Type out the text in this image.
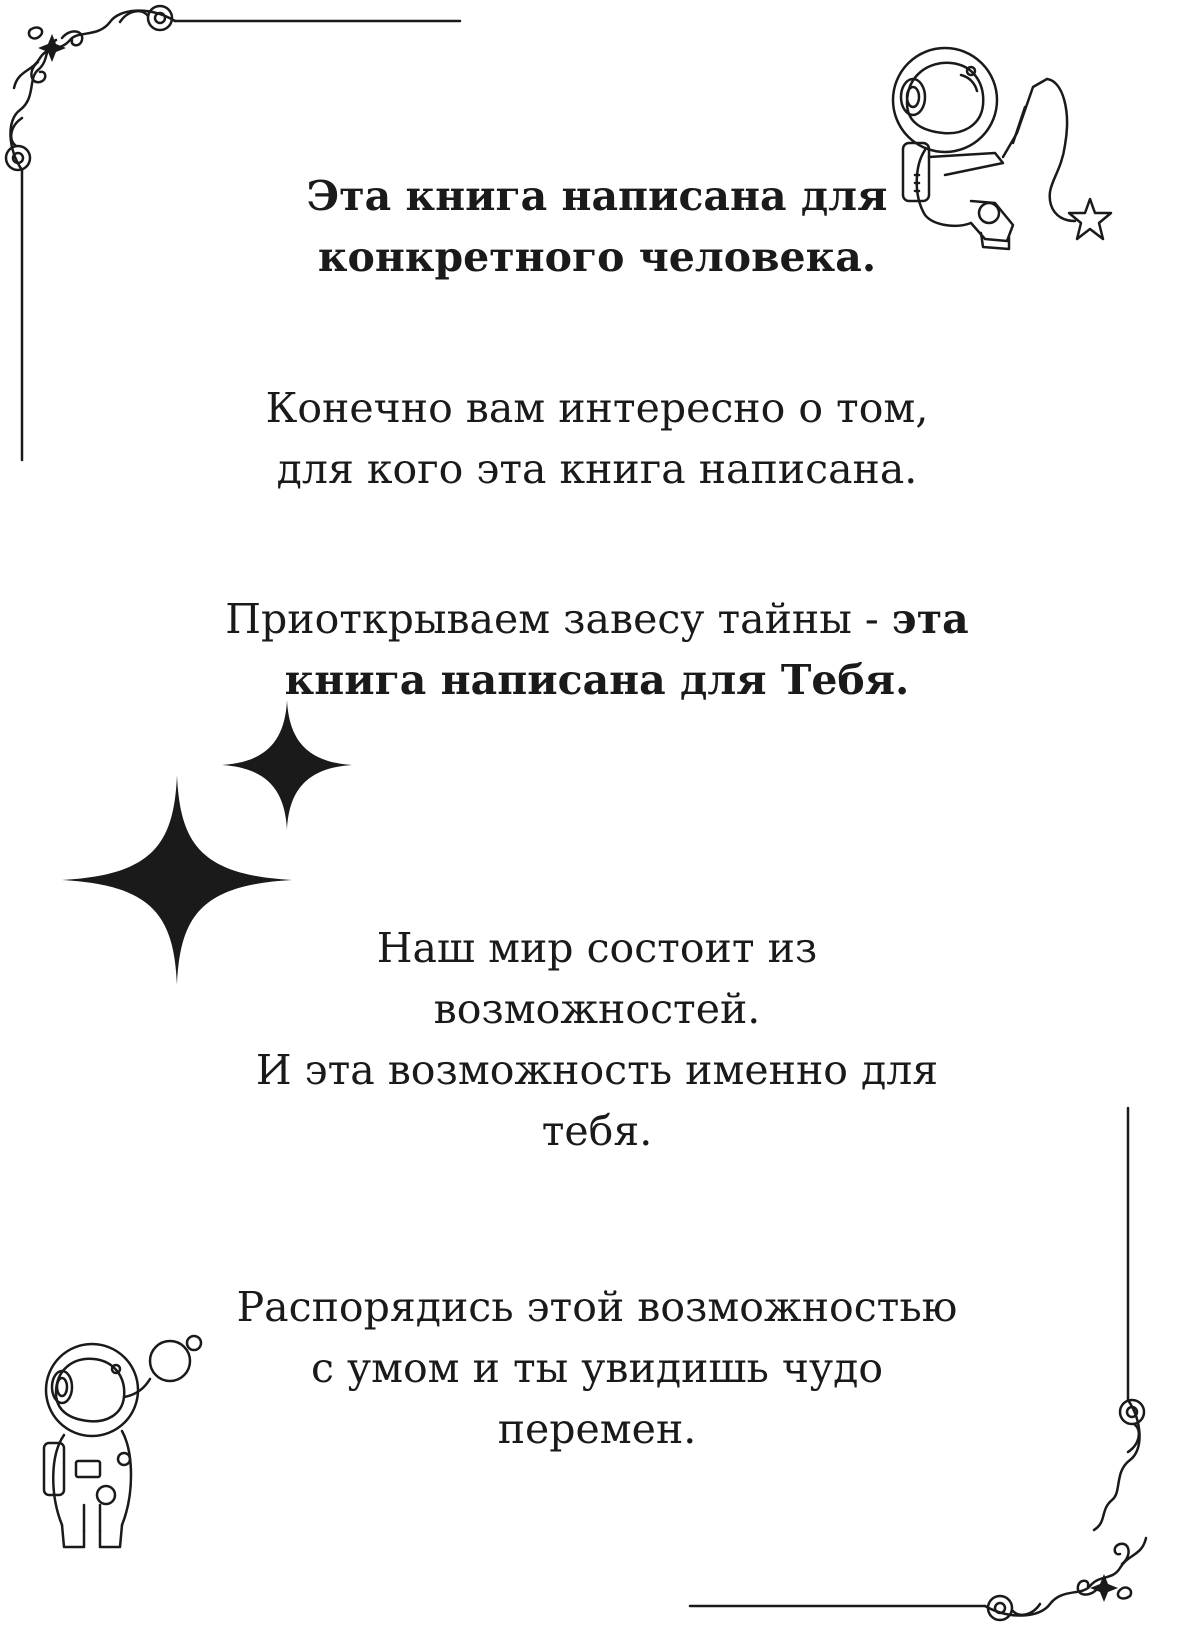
Эта книга написана для
конкретного человека.
Конечно вам интересно о том,
для кого эта книга написана.
Приоткрываем завесу тайны - эта
книга написана для Тебя.
Наш мир состоит из
возможностей.
И эта возможность именно для
тебя.
Распорядись этой возможностью
с умом и ты увидишь чудо
перемен.
